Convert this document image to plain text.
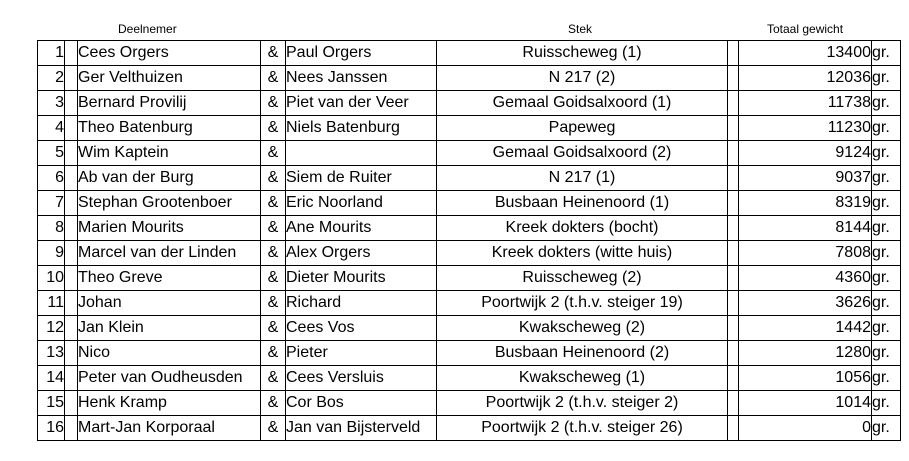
Deelnemer	Stek	Totaal gewicht
1		Cees Orgers	&	Paul Orgers	Ruisscheweg (1)		13400	gr.
2		Ger Velthuizen	&	Nees Janssen	N 217 (2)		12036	gr.
3		Bernard Provilij	&	Piet van der Veer	Gemaal Goidsalxoord (1)		11738	gr.
4		Theo Batenburg	&	Niels Batenburg	Papeweg		11230	gr.
5		Wim Kaptein	&		Gemaal Goidsalxoord (2)		9124	gr.
6		Ab van der Burg	&	Siem de Ruiter	N 217 (1)		9037	gr.
7		Stephan Grootenboer	&	Eric Noorland	Busbaan Heinenoord (1)		8319	gr.
8		Marien Mourits	&	Ane Mourits	Kreek dokters (bocht)		8144	gr.
9		Marcel van der Linden	&	Alex Orgers	Kreek dokters (witte huis)		7808	gr.
10		Theo Greve	&	Dieter Mourits	Ruisscheweg (2)		4360	gr.
11		Johan	&	Richard	Poortwijk 2 (t.h.v. steiger 19)		3626	gr.
12		Jan Klein	&	Cees Vos	Kwakscheweg (2)		1442	gr.
13		Nico	&	Pieter	Busbaan Heinenoord (2)		1280	gr.
14		Peter van Oudheusden	&	Cees Versluis	Kwakscheweg (1)		1056	gr.
15		Henk Kramp	&	Cor Bos	Poortwijk 2 (t.h.v. steiger 2)		1014	gr.
16		Mart-Jan Korporaal	&	Jan van Bijsterveld	Poortwijk 2 (t.h.v. steiger 26)		0	gr.
